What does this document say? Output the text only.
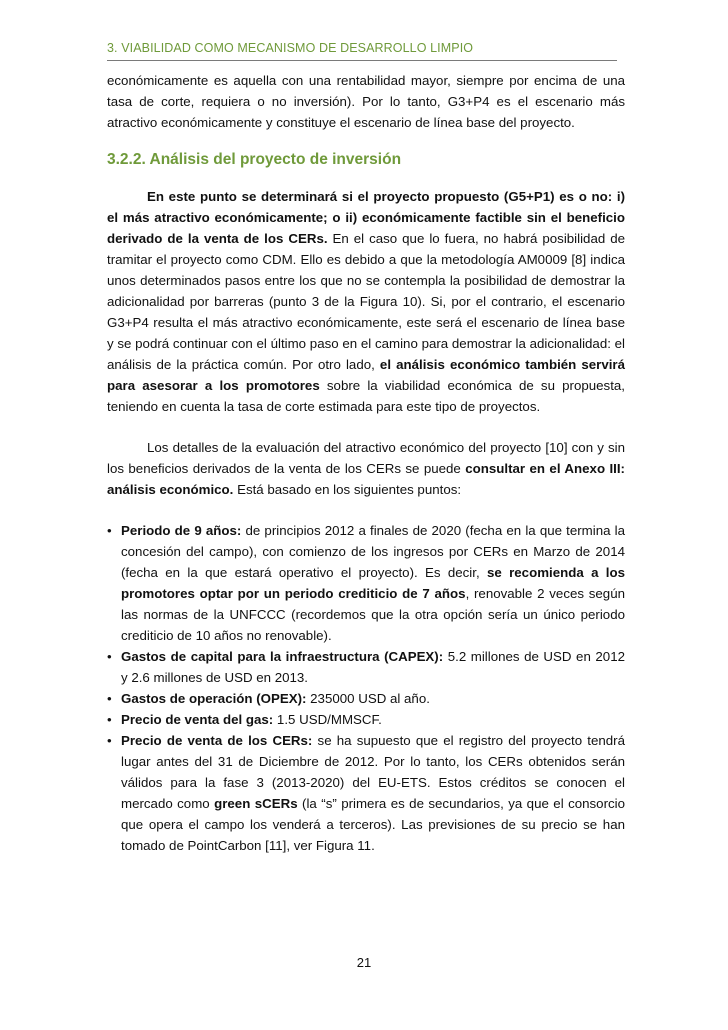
3. VIABILIDAD COMO MECANISMO DE DESARROLLO LIMPIO

económicamente es aquella con una rentabilidad mayor, siempre por encima de una tasa de corte, requiera o no inversión). Por lo tanto, G3+P4 es el escenario más atractivo económicamente y constituye el escenario de línea base del proyecto.

3.2.2. Análisis del proyecto de inversión

En este punto se determinará si el proyecto propuesto (G5+P1) es o no: i) el más atractivo económicamente; o ii) económicamente factible sin el beneficio derivado de la venta de los CERs. En el caso que lo fuera, no habrá posibilidad de tramitar el proyecto como CDM. Ello es debido a que la metodología AM0009 [8] indica unos determinados pasos entre los que no se contempla la posibilidad de demostrar la adicionalidad por barreras (punto 3 de la Figura 10). Si, por el contrario, el escenario G3+P4 resulta el más atractivo económicamente, este será el escenario de línea base y se podrá continuar con el último paso en el camino para demostrar la adicionalidad: el análisis de la práctica común. Por otro lado, el análisis económico también servirá para asesorar a los promotores sobre la viabilidad económica de su propuesta, teniendo en cuenta la tasa de corte estimada para este tipo de proyectos.

Los detalles de la evaluación del atractivo económico del proyecto [10] con y sin los beneficios derivados de la venta de los CERs se puede consultar en el Anexo III: análisis económico. Está basado en los siguientes puntos:

• Periodo de 9 años: de principios 2012 a finales de 2020 (fecha en la que termina la concesión del campo), con comienzo de los ingresos por CERs en Marzo de 2014 (fecha en la que estará operativo el proyecto). Es decir, se recomienda a los promotores optar por un periodo crediticio de 7 años, renovable 2 veces según las normas de la UNFCCC (recordemos que la otra opción sería un único periodo crediticio de 10 años no renovable).
• Gastos de capital para la infraestructura (CAPEX): 5.2 millones de USD en 2012 y 2.6 millones de USD en 2013.
• Gastos de operación (OPEX): 235000 USD al año.
• Precio de venta del gas: 1.5 USD/MMSCF.
• Precio de venta de los CERs: se ha supuesto que el registro del proyecto tendrá lugar antes del 31 de Diciembre de 2012. Por lo tanto, los CERs obtenidos serán válidos para la fase 3 (2013-2020) del EU-ETS. Estos créditos se conocen el mercado como green sCERs (la “s” primera es de secundarios, ya que el consorcio que opera el campo los venderá a terceros). Las previsiones de su precio se han tomado de PointCarbon [11], ver Figura 11.
21
